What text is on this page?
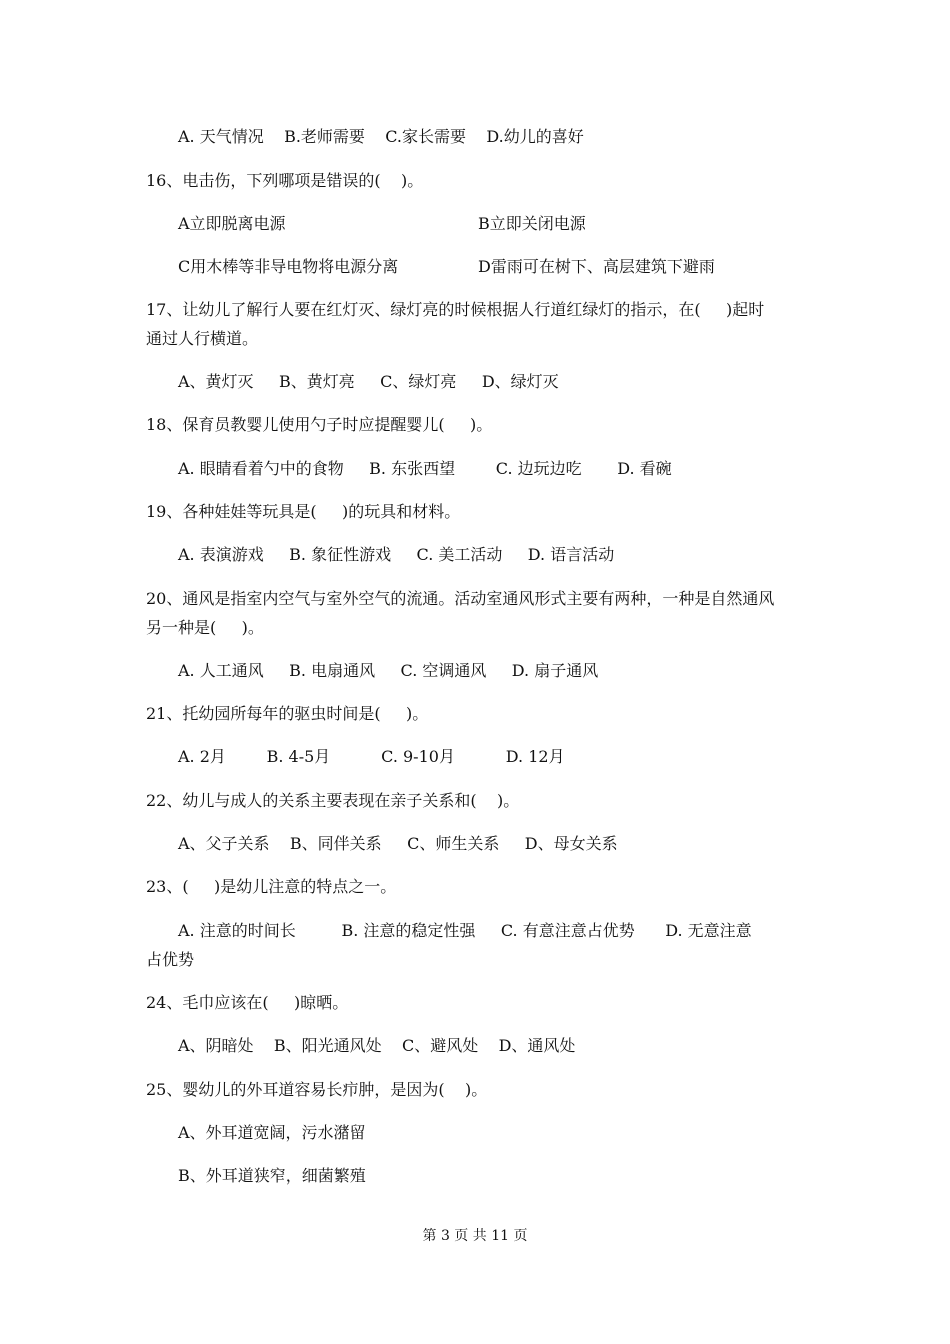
A. 天气情况    B.老师需要    C.家长需要    D.幼儿的喜好
16、电击伤，下列哪项是错误的(    )。
A立即脱离电源	B立即关闭电源
C用木棒等非导电物将电源分离	D雷雨可在树下、高层建筑下避雨
17、让幼儿了解行人要在红灯灭、绿灯亮的时候根据人行道红绿灯的指示，在(     )起时
通过人行横道。
A、黄灯灭     B、黄灯亮     C、绿灯亮     D、绿灯灭
18、保育员教婴儿使用勺子时应提醒婴儿(     )。
A. 眼睛看着勺中的食物     B. 东张西望        C. 边玩边吃       D. 看碗
19、各种娃娃等玩具是(     )的玩具和材料。
A. 表演游戏     B. 象征性游戏     C. 美工活动     D. 语言活动
20、通风是指室内空气与室外空气的流通。活动室通风形式主要有两种，一种是自然通风
另一种是(     )。
A. 人工通风     B. 电扇通风     C. 空调通风     D. 扇子通风
21、托幼园所每年的驱虫时间是(     )。
A. 2月        B. 4-5月          C. 9-10月          D. 12月
22、幼儿与成人的关系主要表现在亲子关系和(    )。
A、父子关系    B、同伴关系     C、师生关系     D、母女关系
23、(     )是幼儿注意的特点之一。
A. 注意的时间长         B. 注意的稳定性强     C. 有意注意占优势      D. 无意注意
占优势
24、毛巾应该在(     )晾晒。
A、阴暗处    B、阳光通风处    C、避风处    D、通风处
25、婴幼儿的外耳道容易长疖肿，是因为(    )。
A、外耳道宽阔，污水潴留
B、外耳道狭窄，细菌繁殖
第 3 页 共 11 页
